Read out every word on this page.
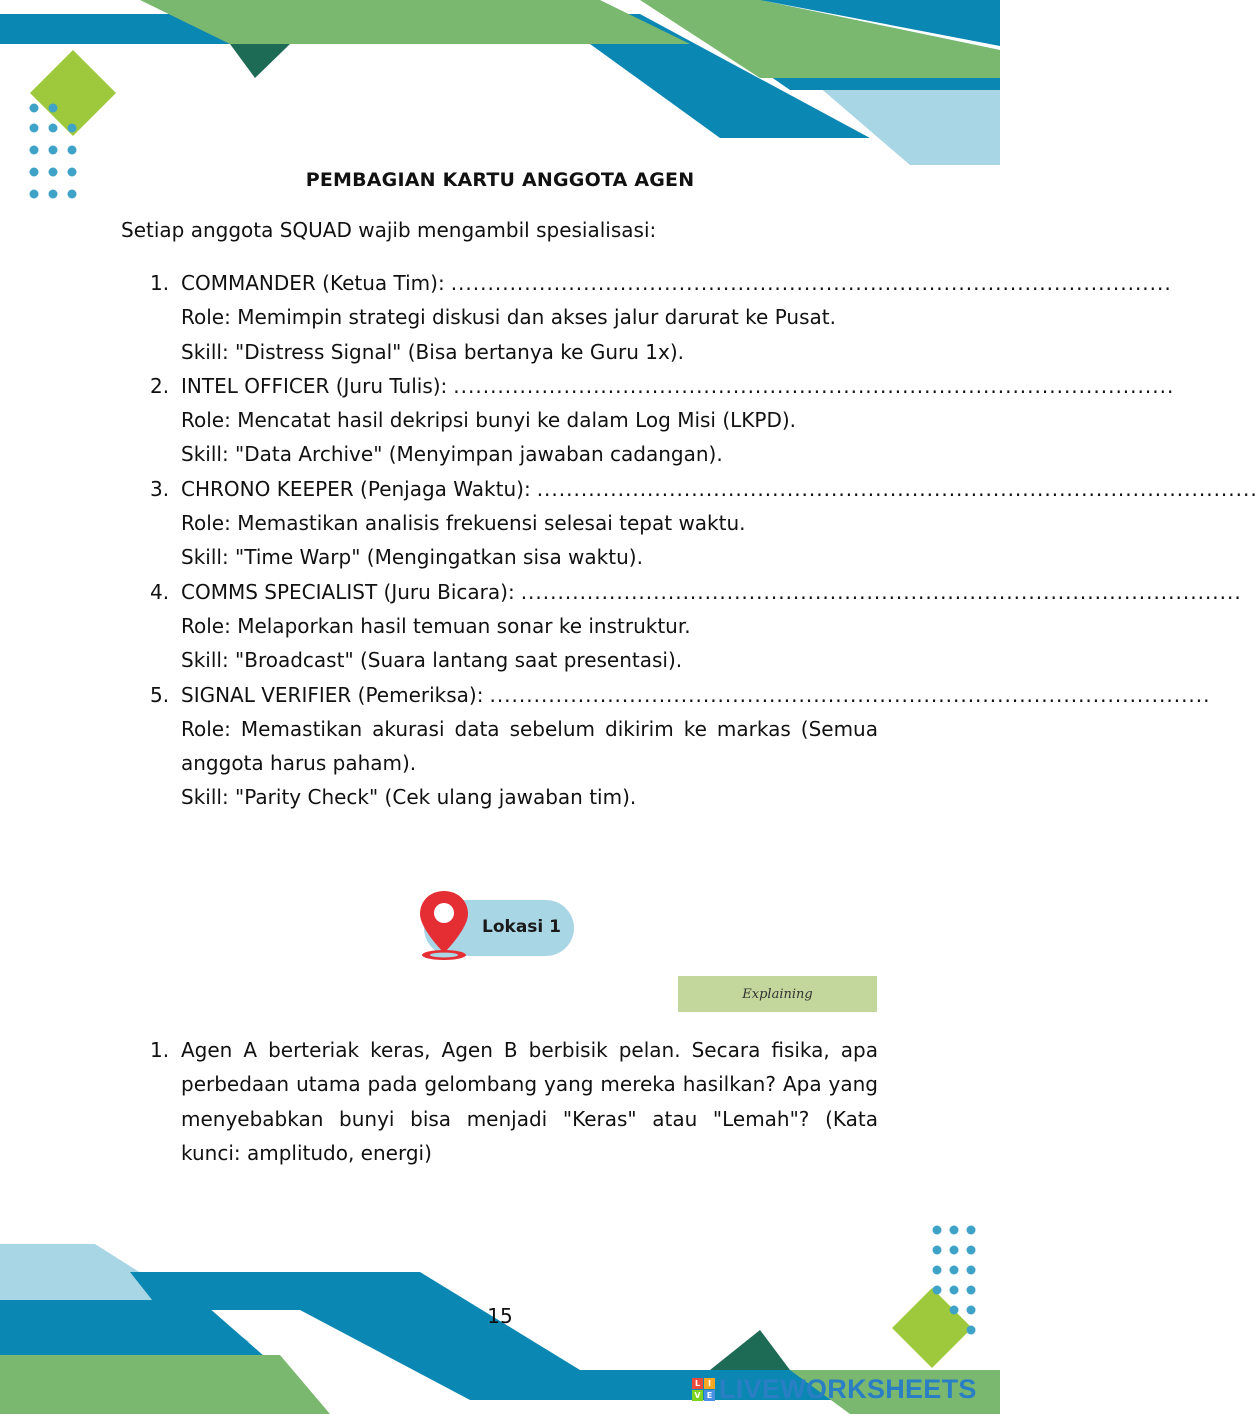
PEMBAGIAN KARTU ANGGOTA AGEN
Setiap anggota SQUAD wajib mengambil spesialisasi:
1. COMMANDER (Ketua Tim): ..................................................................................................
Role: Memimpin strategi diskusi dan akses jalur darurat ke Pusat.
Skill: "Distress Signal" (Bisa bertanya ke Guru 1x).
2. INTEL OFFICER (Juru Tulis): ..................................................................................................
Role: Mencatat hasil dekripsi bunyi ke dalam Log Misi (LKPD).
Skill: "Data Archive" (Menyimpan jawaban cadangan).
3. CHRONO KEEPER (Penjaga Waktu): ..................................................................................................
Role: Memastikan analisis frekuensi selesai tepat waktu.
Skill: "Time Warp" (Mengingatkan sisa waktu).
4. COMMS SPECIALIST (Juru Bicara): ..................................................................................................
Role: Melaporkan hasil temuan sonar ke instruktur.
Skill: "Broadcast" (Suara lantang saat presentasi).
5. SIGNAL VERIFIER (Pemeriksa): ..................................................................................................
Role: Memastikan akurasi data sebelum dikirim ke markas (Semua anggota harus paham).
Skill: "Parity Check" (Cek ulang jawaban tim).
Lokasi 1
Explaining
1. Agen A berteriak keras, Agen B berbisik pelan. Secara fisika, apa perbedaan utama pada gelombang yang mereka hasilkan? Apa yang menyebabkan bunyi bisa menjadi "Keras" atau "Lemah"? (Kata kunci: amplitudo, energi)
15
L I
V E LIVEWORKSHEETS
